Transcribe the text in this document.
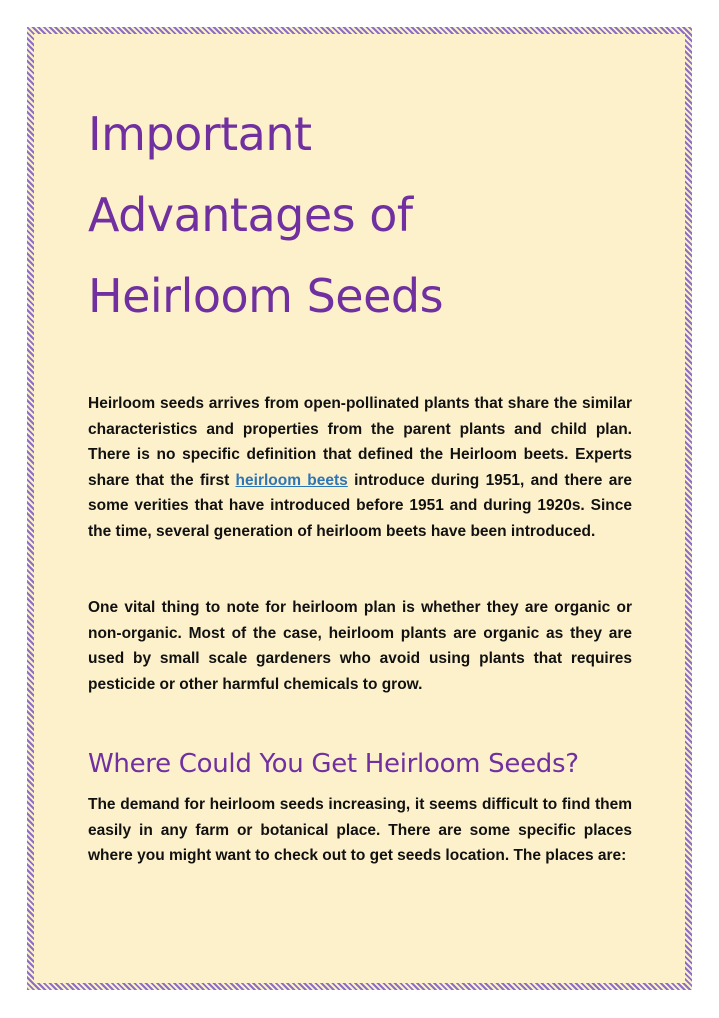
Important
Advantages of
Heirloom Seeds

Heirloom seeds arrives from open-pollinated plants that share the similar characteristics and properties from the parent plants and child plan. There is no specific definition that defined the Heirloom beets. Experts share that the first heirloom beets introduce during 1951, and there are some verities that have introduced before 1951 and during 1920s. Since the time, several generation of heirloom beets have been introduced.

One vital thing to note for heirloom plan is whether they are organic or non-organic. Most of the case, heirloom plants are organic as they are used by small scale gardeners who avoid using plants that requires pesticide or other harmful chemicals to grow.

Where Could You Get Heirloom Seeds?

The demand for heirloom seeds increasing, it seems difficult to find them easily in any farm or botanical place. There are some specific places where you might want to check out to get seeds location. The places are:
